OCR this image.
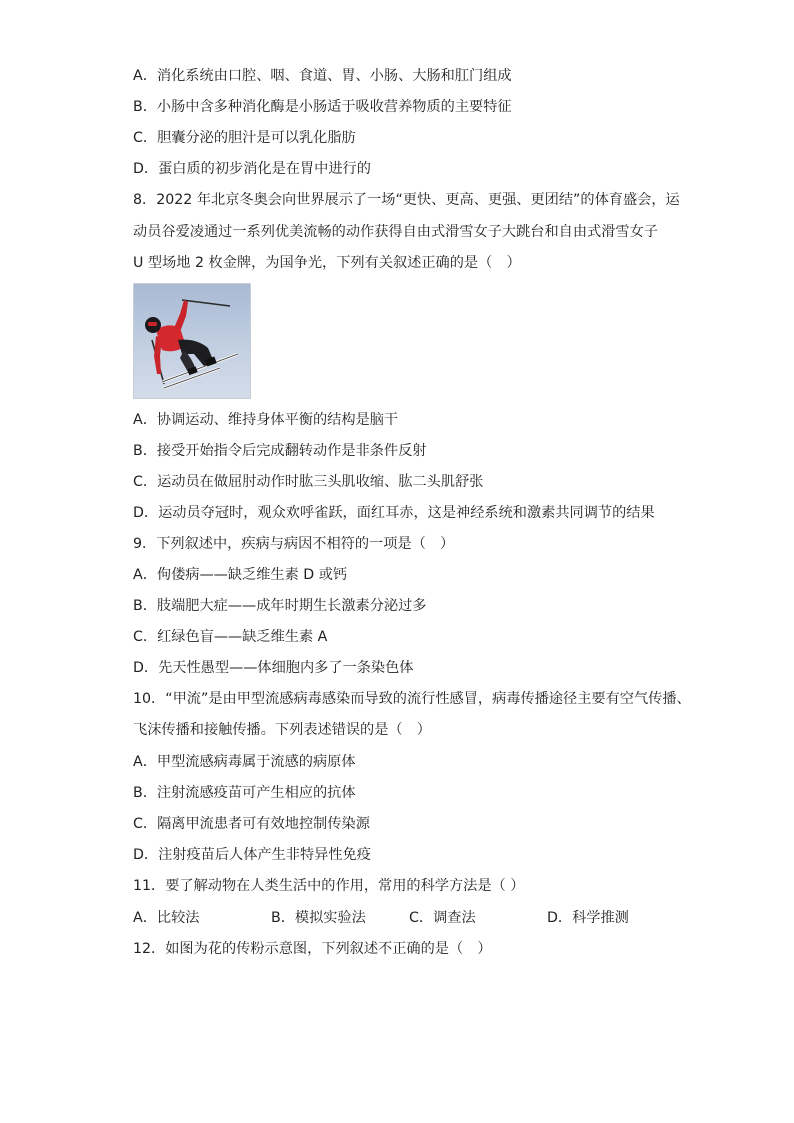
A．消化系统由口腔、咽、食道、胃、小肠、大肠和肛门组成
B．小肠中含多种消化酶是小肠适于吸收营养物质的主要特征
C．胆囊分泌的胆汁是可以乳化脂肪
D．蛋白质的初步消化是在胃中进行的
8．2022 年北京冬奥会向世界展示了一场“更快、更高、更强、更团结”的体育盛会，运
动员谷爱凌通过一系列优美流畅的动作获得自由式滑雪女子大跳台和自由式滑雪女子
U 型场地 2 枚金牌，为国争光，下列有关叙述正确的是（　）
A．协调运动、维持身体平衡的结构是脑干
B．接受开始指令后完成翻转动作是非条件反射
C．运动员在做屈肘动作时肱三头肌收缩、肱二头肌舒张
D．运动员夺冠时，观众欢呼雀跃，面红耳赤，这是神经系统和激素共同调节的结果
9．下列叙述中，疾病与病因不相符的一项是（　）
A．佝偻病——缺乏维生素 D 或钙
B．肢端肥大症——成年时期生长激素分泌过多
C．红绿色盲——缺乏维生素 A
D．先天性愚型——体细胞内多了一条染色体
10．“甲流”是由甲型流感病毒感染而导致的流行性感冒，病毒传播途径主要有空气传播、
飞沫传播和接触传播。下列表述错误的是（　）
A．甲型流感病毒属于流感的病原体
B．注射流感疫苗可产生相应的抗体
C．隔离甲流患者可有效地控制传染源
D．注射疫苗后人体产生非特异性免疫
11．要了解动物在人类生活中的作用，常用的科学方法是（ ）
A．比较法	B．模拟实验法	C．调查法	D．科学推测
12．如图为花的传粉示意图，下列叙述不正确的是（　）
